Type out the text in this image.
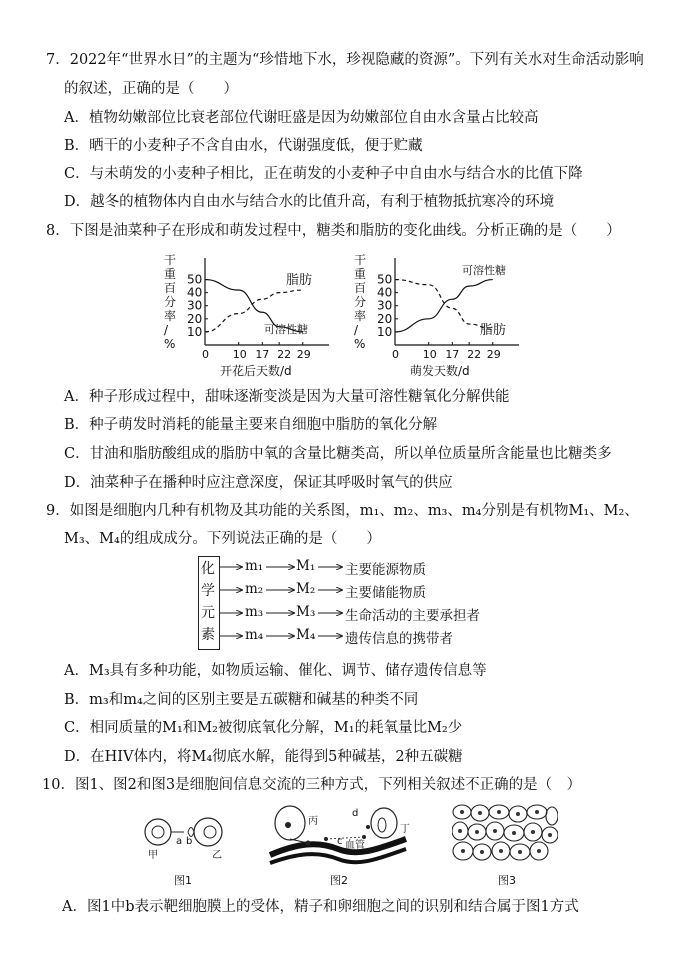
7．2022年“世界水日”的主题为“珍惜地下水，珍视隐藏的资源”。下列有关水对生命活动影响
的叙述，正确的是（　　）
A．植物幼嫩部位比衰老部位代谢旺盛是因为幼嫩部位自由水含量占比较高
B．晒干的小麦种子不含自由水，代谢强度低，便于贮藏
C．与未萌发的小麦种子相比，正在萌发的小麦种子中自由水与结合水的比值下降
D．越冬的植物体内自由水与结合水的比值升高，有利于植物抵抗寒冷的环境
8．下图是油菜种子在形成和萌发过程中，糖类和脂肪的变化曲线。分析正确的是（　　）
干
重
百
分
率
/
%
10
20
30
40
50
0 10 17 22 29
开花后天数/d
脂肪
可溶性糖
干
重
百
分
率
/
%
10
20
30
40
50
0 10 17 22 29
萌发天数/d
可溶性糖
脂肪
A．种子形成过程中，甜味逐渐变淡是因为大量可溶性糖氧化分解供能
B．种子萌发时消耗的能量主要来自细胞中脂肪的氧化分解
C．甘油和脂肪酸组成的脂肪中氧的含量比糖类高，所以单位质量所含能量也比糖类多
D．油菜种子在播种时应注意深度，保证其呼吸时氧气的供应
9．如图是细胞内几种有机物及其功能的关系图，m₁、m₂、m₃、m₄分别是有机物M₁、M₂、
M₃、M₄的组成成分。下列说法正确的是（　　）
化
学
元
素
m₁ M₁ 主要能源物质
m₂ M₂ 主要储能物质
m₃ M₃ 生命活动的主要承担者
m₄ M₄ 遗传信息的携带者
A．M₃具有多种功能，如物质运输、催化、调节、储存遗传信息等
B．m₃和m₄之间的区别主要是五碳糖和碱基的种类不同
C．相同质量的M₁和M₂被彻底氧化分解，M₁的耗氧量比M₂少
D．在HIV体内，将M₄彻底水解，能得到5种碱基，2种五碳糖
10．图1、图2和图3是细胞间信息交流的三种方式，下列相关叙述不正确的是（　）
甲
a b
乙
图1
丙
丁
c
d
血管
图2	图3
A．图1中b表示靶细胞膜上的受体，精子和卵细胞之间的识别和结合属于图1方式
